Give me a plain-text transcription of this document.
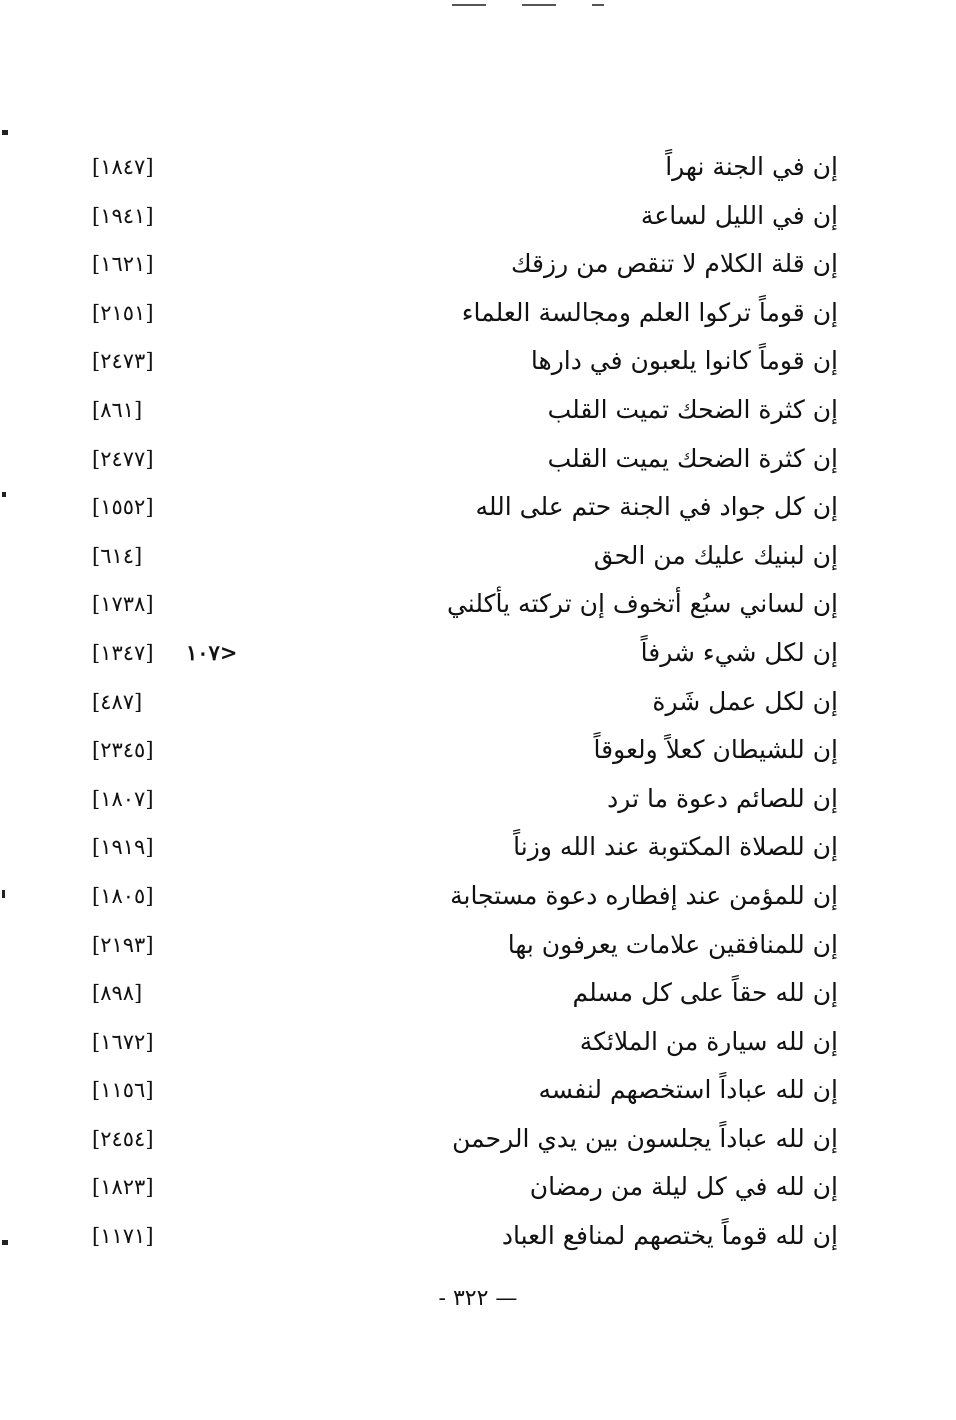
إن في الجنة نهراً
[١٨٤٧]
إن في الليل لساعة
[١٩٤١]
إن قلة الكلام لا تنقص من رزقك
[١٦٢١]
إن قوماً تركوا العلم ومجالسة العلماء
[٢١٥١]
إن قوماً كانوا يلعبون في دارها
[٢٤٧٣]
إن كثرة الضحك تميت القلب
[٨٦١]
إن كثرة الضحك يميت القلب
[٢٤٧٧]
إن كل جواد في الجنة حتم على الله
[١٥٥٢]
إن لبنيك عليك من الحق
[٦١٤]
إن لساني سبُع أتخوف إن تركته يأكلني
[١٧٣٨]
إن لكل شيء شرفاً
<١٠٧
[١٣٤٧]
إن لكل عمل شَرة
[٤٨٧]
إن للشيطان كعلاً ولعوقاً
[٢٣٤٥]
إن للصائم دعوة ما ترد
[١٨٠٧]
إن للصلاة المكتوبة عند الله وزناً
[١٩١٩]
إن للمؤمن عند إفطاره دعوة مستجابة
[١٨٠٥]
إن للمنافقين علامات يعرفون بها
[٢١٩٣]
إن لله حقاً على كل مسلم
[٨٩٨]
إن لله سيارة من الملائكة
[١٦٧٢]
إن لله عباداً استخصهم لنفسه
[١١٥٦]
إن لله عباداً يجلسون بين يدي الرحمن
[٢٤٥٤]
إن لله في كل ليلة من رمضان
[١٨٢٣]
إن لله قوماً يختصهم لمنافع العباد
[١١٧١]
— ٣٢٢ -
